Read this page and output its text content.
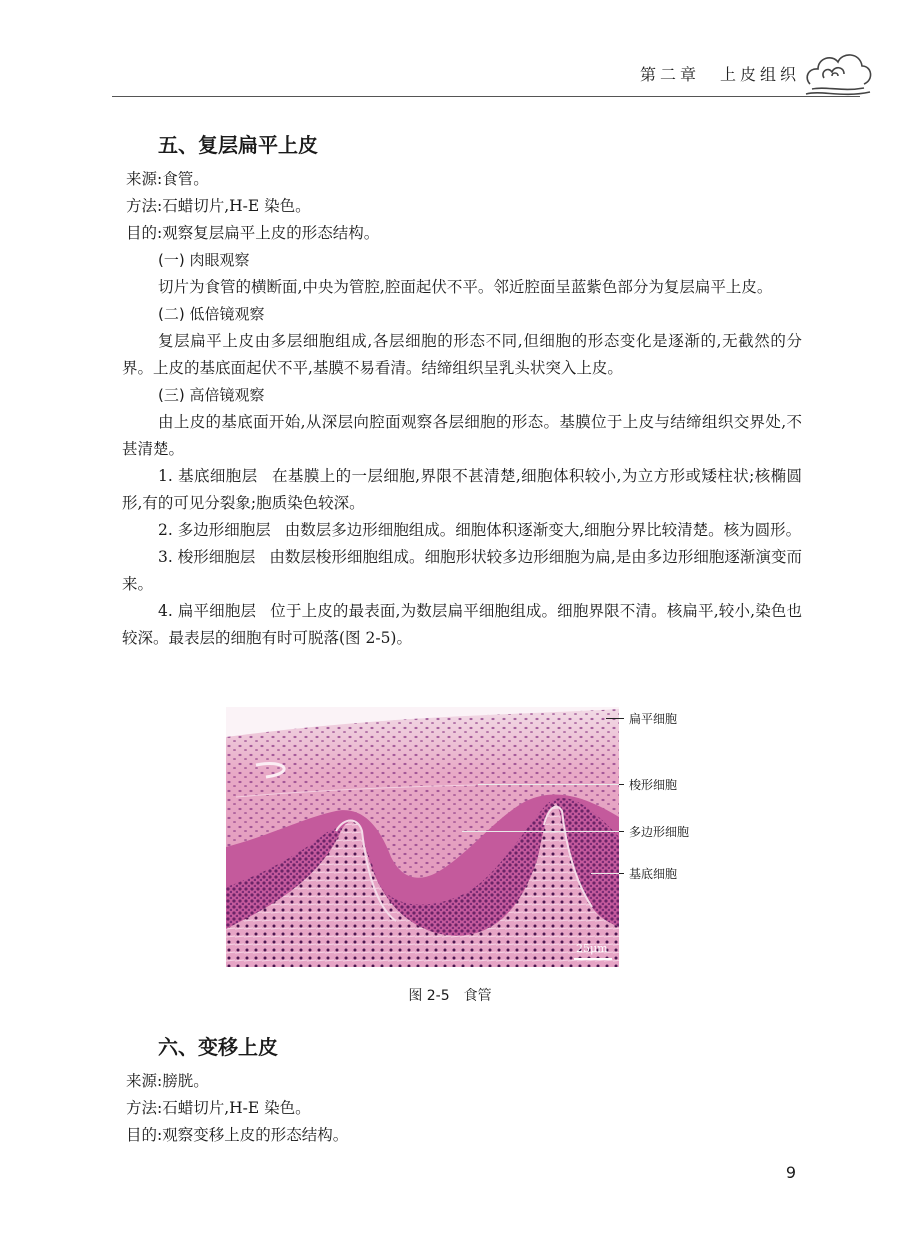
第二章　上皮组织
五、复层扁平上皮
来源:食管。
方法:石蜡切片,H-E 染色。
目的:观察复层扁平上皮的形态结构。
(一) 肉眼观察
切片为食管的横断面,中央为管腔,腔面起伏不平。邻近腔面呈蓝紫色部分为复层扁平上皮。
(二) 低倍镜观察
复层扁平上皮由多层细胞组成,各层细胞的形态不同,但细胞的形态变化是逐渐的,无截然的分界。上皮的基底面起伏不平,基膜不易看清。结缔组织呈乳头状突入上皮。
(三) 高倍镜观察
由上皮的基底面开始,从深层向腔面观察各层细胞的形态。基膜位于上皮与结缔组织交界处,不甚清楚。
1. 基底细胞层 在基膜上的一层细胞,界限不甚清楚,细胞体积较小,为立方形或矮柱状;核椭圆形,有的可见分裂象;胞质染色较深。
2. 多边形细胞层 由数层多边形细胞组成。细胞体积逐渐变大,细胞分界比较清楚。核为圆形。
3. 梭形细胞层 由数层梭形细胞组成。细胞形状较多边形细胞为扁,是由多边形细胞逐渐演变而来。
4. 扁平细胞层 位于上皮的最表面,为数层扁平细胞组成。细胞界限不清。核扁平,较小,染色也较深。最表层的细胞有时可脱落(图 2-5)。
扁平细胞
梭形细胞
多边形细胞
基底细胞
25μm
图 2-5　食管
六、变移上皮
来源:膀胱。
方法:石蜡切片,H-E 染色。
目的:观察变移上皮的形态结构。
9
